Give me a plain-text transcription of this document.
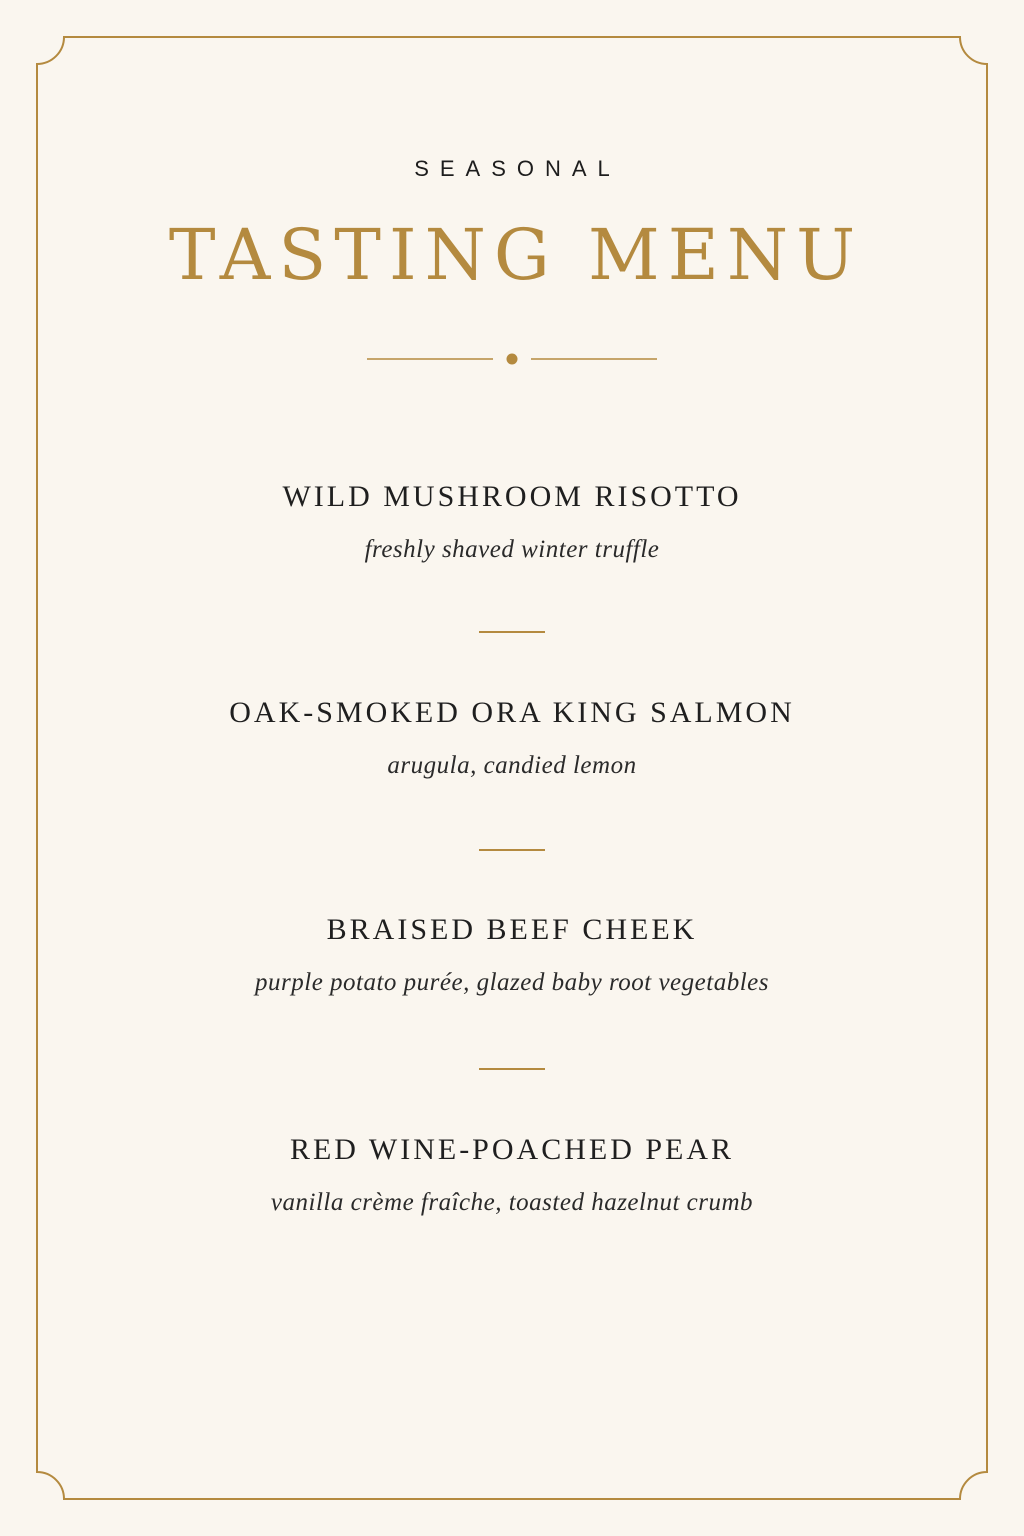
SEASONAL
TASTING MENU
WILD MUSHROOM RISOTTO
freshly shaved winter truffle
OAK-SMOKED ORA KING SALMON
arugula, candied lemon
BRAISED BEEF CHEEK
purple potato purée, glazed baby root vegetables
RED WINE-POACHED PEAR
vanilla crème fraîche, toasted hazelnut crumb
